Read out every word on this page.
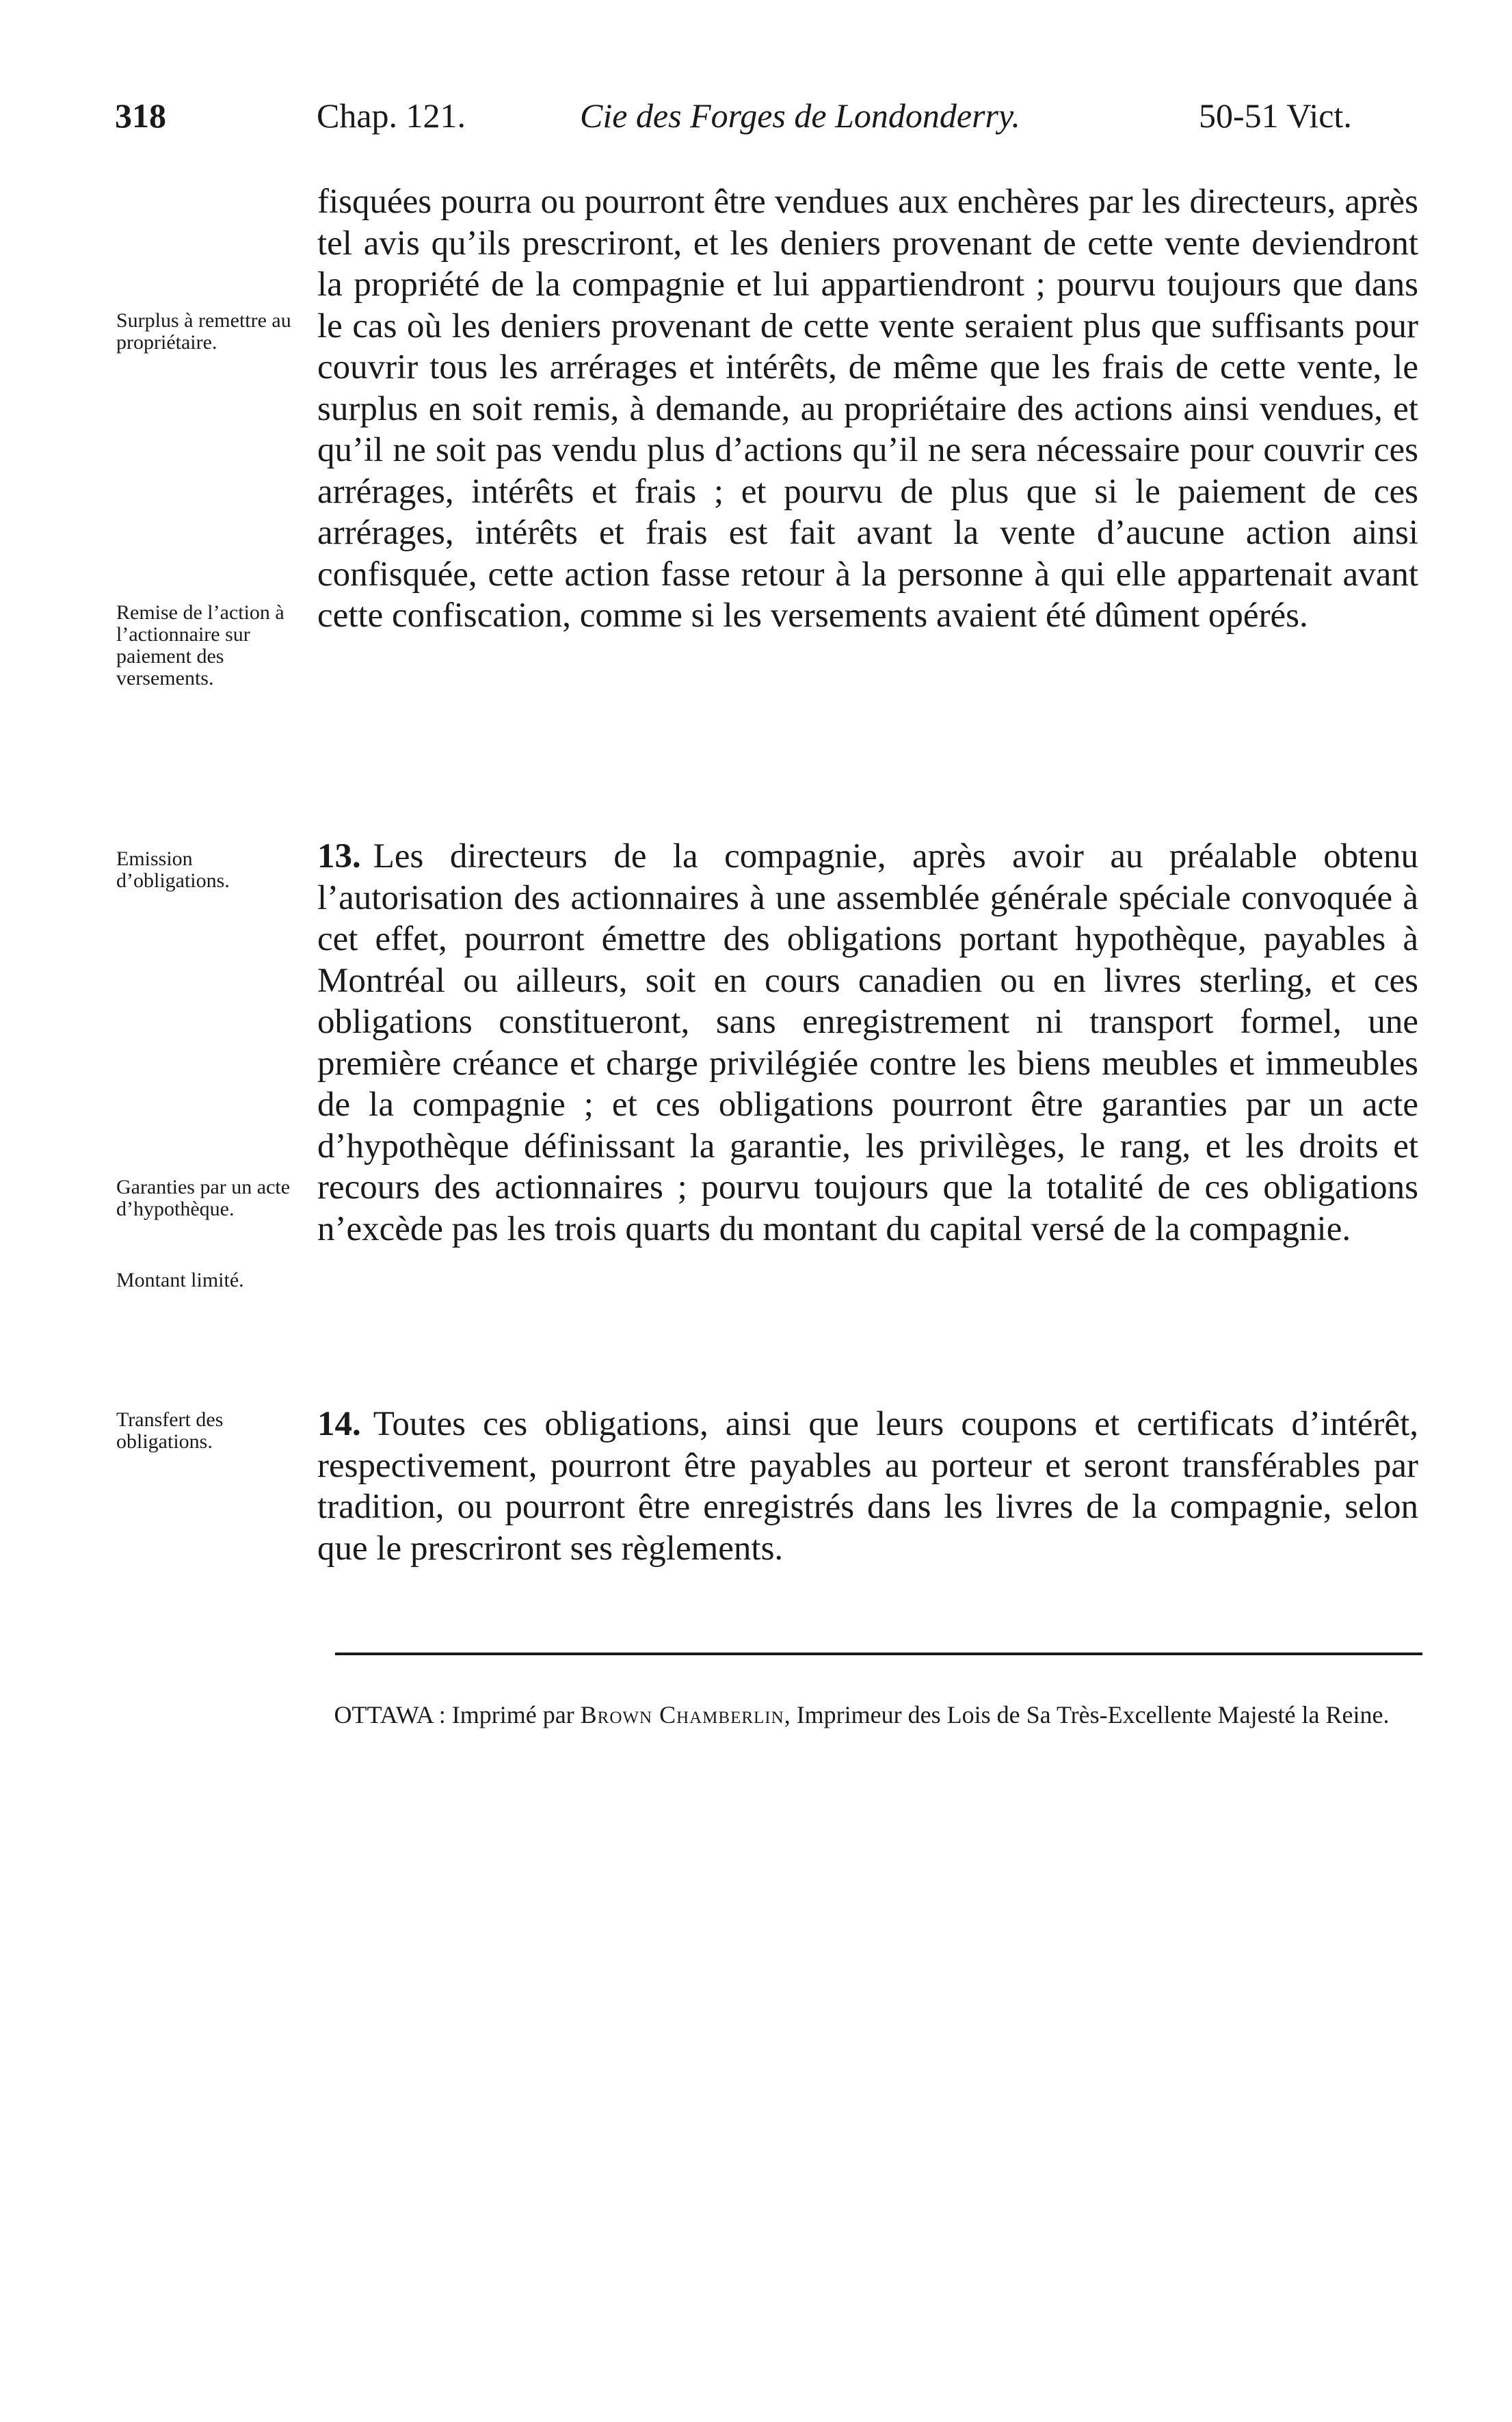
318	Chap. 121.	Cie des Forges de Londonderry.	50-51 Vict.

fisquées pourra ou pourront être vendues aux enchères par les directeurs, après tel avis qu’ils prescriront, et les deniers provenant de cette vente deviendront la propriété de la compagnie et lui appartiendront ; pourvu toujours que dans le cas où les deniers provenant de cette vente seraient plus que suffisants pour couvrir tous les arrérages et intérêts, de même que les frais de cette vente, le surplus en soit remis, à demande, au propriétaire des actions ainsi vendues, et qu’il ne soit pas vendu plus d’actions qu’il ne sera nécessaire pour couvrir ces arrérages, intérêts et frais ; et pourvu de plus que si le paiement de ces arrérages, intérêts et frais est fait avant la vente d’aucune action ainsi confisquée, cette action fasse retour à la personne à qui elle appartenait avant cette confiscation, comme si les versements avaient été dûment opérés.

13. Les directeurs de la compagnie, après avoir au préalable obtenu l’autorisation des actionnaires à une assemblée générale spéciale convoquée à cet effet, pourront émettre des obligations portant hypothèque, payables à Montréal ou ailleurs, soit en cours canadien ou en livres sterling, et ces obligations constitueront, sans enregistrement ni transport formel, une première créance et charge privilégiée contre les biens meubles et immeubles de la compagnie ; et ces obligations pourront être garanties par un acte d’hypothèque définissant la garantie, les privilèges, le rang, et les droits et recours des actionnaires ; pourvu toujours que la totalité de ces obligations n’excède pas les trois quarts du montant du capital versé de la compagnie.

14. Toutes ces obligations, ainsi que leurs coupons et certificats d’intérêt, respectivement, pourront être payables au porteur et seront transférables par tradition, ou pourront être enregistrés dans les livres de la compagnie, selon que le prescriront ses règlements.

Surplus à remettre au propriétaire.

Remise de l’action à l’actionnaire sur paiement des versements.

Emission d’obligations.

Garanties par un acte d’hypothèque.

Montant limité.

Transfert des obligations.

OTTAWA : Imprimé par Brown Chamberlin, Imprimeur des Lois de Sa Très-Excellente Majesté la Reine.
